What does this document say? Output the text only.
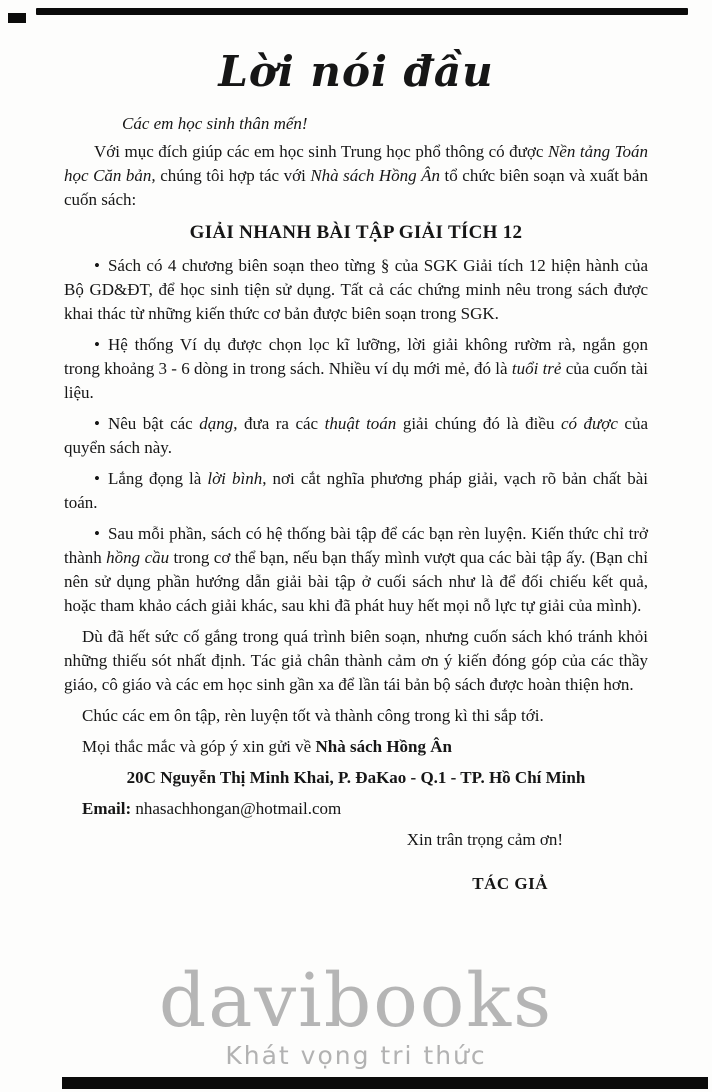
davibooks
Khát vọng tri thức
Lời nói đầu

Các em học sinh thân mến!

Với mục đích giúp các em học sinh Trung học phổ thông có được Nền tảng Toán học Căn bản, chúng tôi hợp tác với Nhà sách Hồng Ân tổ chức biên soạn và xuất bản cuốn sách:

GIẢI NHANH BÀI TẬP GIẢI TÍCH 12

• Sách có 4 chương biên soạn theo từng § của SGK Giải tích 12 hiện hành của Bộ GD&ĐT, để học sinh tiện sử dụng. Tất cả các chứng minh nêu trong sách được khai thác từ những kiến thức cơ bản được biên soạn trong SGK.

• Hệ thống Ví dụ được chọn lọc kĩ lưỡng, lời giải không rườm rà, ngắn gọn trong khoảng 3 - 6 dòng in trong sách. Nhiều ví dụ mới mẻ, đó là tuổi trẻ của cuốn tài liệu.

• Nêu bật các dạng, đưa ra các thuật toán giải chúng đó là điều có được của quyển sách này.

• Lắng đọng là lời bình, nơi cắt nghĩa phương pháp giải, vạch rõ bản chất bài toán.

• Sau mỗi phần, sách có hệ thống bài tập để các bạn rèn luyện. Kiến thức chỉ trở thành hồng cầu trong cơ thể bạn, nếu bạn thấy mình vượt qua các bài tập ấy. (Bạn chỉ nên sử dụng phần hướng dẫn giải bài tập ở cuối sách như là để đối chiếu kết quả, hoặc tham khảo cách giải khác, sau khi đã phát huy hết mọi nỗ lực tự giải của mình).

Dù đã hết sức cố gắng trong quá trình biên soạn, nhưng cuốn sách khó tránh khỏi những thiếu sót nhất định. Tác giả chân thành cảm ơn ý kiến đóng góp của các thầy giáo, cô giáo và các em học sinh gần xa để lần tái bản bộ sách được hoàn thiện hơn.

Chúc các em ôn tập, rèn luyện tốt và thành công trong kì thi sắp tới.

Mọi thắc mắc và góp ý xin gửi về Nhà sách Hồng Ân

20C Nguyễn Thị Minh Khai, P. ĐaKao - Q.1 - TP. Hồ Chí Minh

Email: nhasachhongan@hotmail.com

Xin trân trọng cảm ơn!

TÁC GIẢ
